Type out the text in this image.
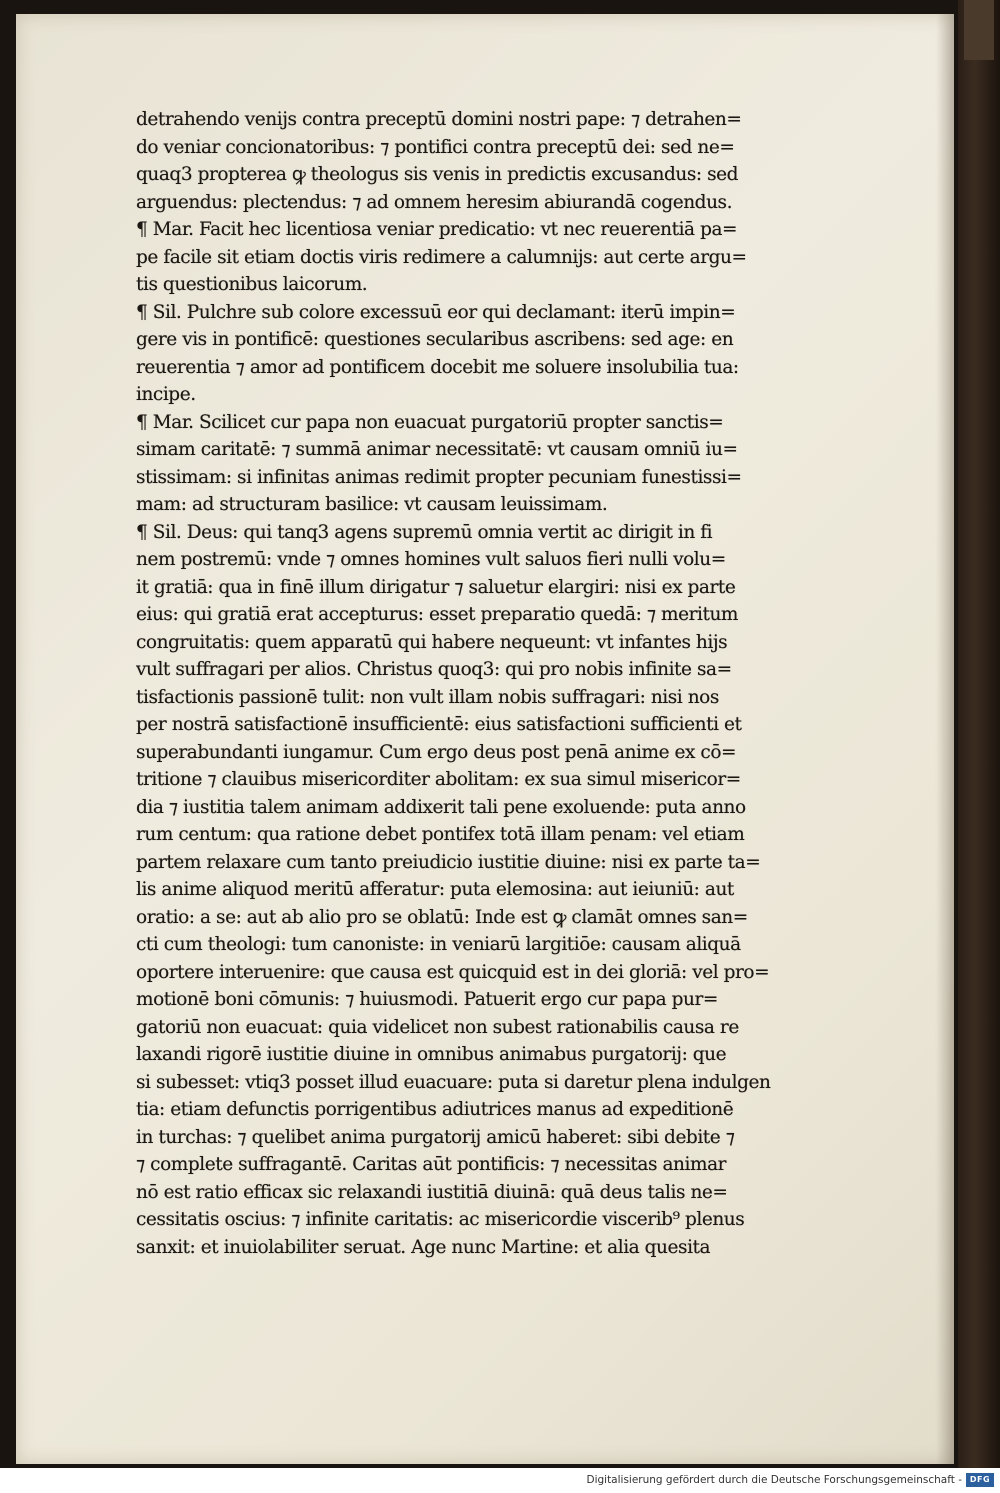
detrahendo venijs contra preceptū domini nostri pape: ⁊ detrahen=
do veniar concionatoribus: ⁊ pontifici contra preceptū dei: sed ne=
quaq3 propterea ꝙ theologus sis venis in predictis excusandus: sed
arguendus: plectendus: ⁊ ad omnem heresim abiurandā cogendus.
¶ Mar. Facit hec licentiosa veniar predicatio: vt nec reuerentiā pa=
pe facile sit etiam doctis viris redimere a calumnijs: aut certe argu=
tis questionibus laicorum.
¶ Sil. Pulchre sub colore excessuū eor qui declamant: iterū impin=
gere vis in pontificē: questiones secularibus ascribens: sed age: en
reuerentia ⁊ amor ad pontificem docebit me soluere insolubilia tua:
incipe.
¶ Mar. Scilicet cur papa non euacuat purgatoriū propter sanctis=
simam caritatē: ⁊ summā animar necessitatē: vt causam omniū iu=
stissimam: si infinitas animas redimit propter pecuniam funestissi=
mam: ad structuram basilice: vt causam leuissimam.
¶ Sil. Deus: qui tanq3 agens supremū omnia vertit ac dirigit in fi
nem postremū: vnde ⁊ omnes homines vult saluos fieri nulli volu=
it gratiā: qua in finē illum dirigatur ⁊ saluetur elargiri: nisi ex parte
eius: qui gratiā erat accepturus: esset preparatio quedā: ⁊ meritum
congruitatis: quem apparatū qui habere nequeunt: vt infantes hijs
vult suffragari per alios. Christus quoq3: qui pro nobis infinite sa=
tisfactionis passionē tulit: non vult illam nobis suffragari: nisi nos
per nostrā satisfactionē insufficientē: eius satisfactioni sufficienti et
superabundanti iungamur. Cum ergo deus post penā anime ex cō=
tritione ⁊ clauibus misericorditer abolitam: ex sua simul misericor=
dia ⁊ iustitia talem animam addixerit tali pene exoluende: puta anno
rum centum: qua ratione debet pontifex totā illam penam: vel etiam
partem relaxare cum tanto preiudicio iustitie diuine: nisi ex parte ta=
lis anime aliquod meritū afferatur: puta elemosina: aut ieiuniū: aut
oratio: a se: aut ab alio pro se oblatū: Inde est ꝙ clamāt omnes san=
cti cum theologi: tum canoniste: in veniarū largitiōe: causam aliquā
oportere interuenire: que causa est quicquid est in dei gloriā: vel pro=
motionē boni cōmunis: ⁊ huiusmodi. Patuerit ergo cur papa pur=
gatoriū non euacuat: quia videlicet non subest rationabilis causa re
laxandi rigorē iustitie diuine in omnibus animabus purgatorij: que
si subesset: vtiq3 posset illud euacuare: puta si daretur plena indulgen
tia: etiam defunctis porrigentibus adiutrices manus ad expeditionē
in turchas: ⁊ quelibet anima purgatorij amicū haberet: sibi debite ⁊
⁊ complete suffragantē. Caritas aūt pontificis: ⁊ necessitas animar
nō est ratio efficax sic relaxandi iustitiā diuinā: quā deus talis ne=
cessitatis oscius: ⁊ infinite caritatis: ac misericordie viscerib⁹ plenus
sanxit: et inuiolabiliter seruat. Age nunc Martine: et alia quesita
Digitalisierung gefördert durch die Deutsche Forschungsgemeinschaft - DFG
